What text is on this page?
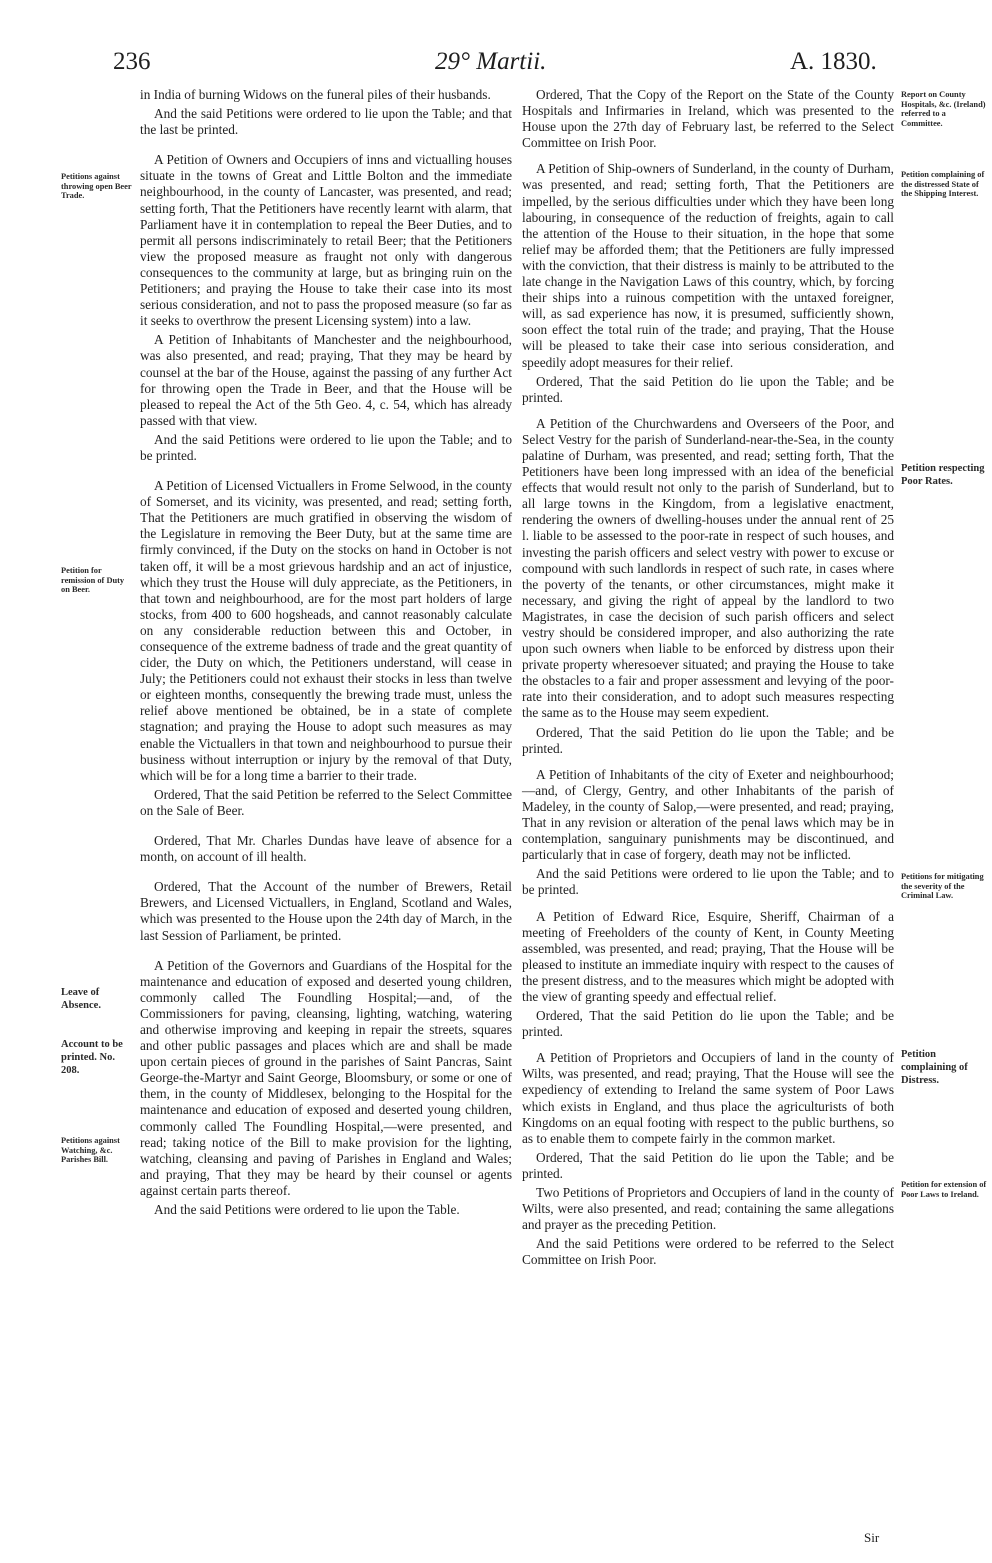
236	29° Martii.	A. 1830.

in India of burning Widows on the funeral piles of their husbands.

And the said Petitions were ordered to lie upon the Table; and that the last be printed.

A Petition of Owners and Occupiers of inns and victualling houses situate in the towns of Great and Little Bolton and the immediate neighbourhood, in the county of Lancaster, was presented, and read; setting forth, That the Petitioners have recently learnt with alarm, that Parliament have it in contemplation to repeal the Beer Duties, and to permit all persons indiscriminately to retail Beer; that the Petitioners view the proposed measure as fraught not only with dangerous consequences to the community at large, but as bringing ruin on the Petitioners; and praying the House to take their case into its most serious consideration, and not to pass the proposed measure (so far as it seeks to overthrow the present Licensing system) into a law.

A Petition of Inhabitants of Manchester and the neighbourhood, was also presented, and read; praying, That they may be heard by counsel at the bar of the House, against the passing of any further Act for throwing open the Trade in Beer, and that the House will be pleased to repeal the Act of the 5th Geo. 4, c. 54, which has already passed with that view.

And the said Petitions were ordered to lie upon the Table; and to be printed.

A Petition of Licensed Victuallers in Frome Selwood, in the county of Somerset, and its vicinity, was presented, and read; setting forth, That the Petitioners are much gratified in observing the wisdom of the Legislature in removing the Beer Duty, but at the same time are firmly convinced, if the Duty on the stocks on hand in October is not taken off, it will be a most grievous hardship and an act of injustice, which they trust the House will duly appreciate, as the Petitioners, in that town and neighbourhood, are for the most part holders of large stocks, from 400 to 600 hogsheads, and cannot reasonably calculate on any considerable reduction between this and October, in consequence of the extreme badness of trade and the great quantity of cider, the Duty on which, the Petitioners understand, will cease in July; the Petitioners could not exhaust their stocks in less than twelve or eighteen months, consequently the brewing trade must, unless the relief above mentioned be obtained, be in a state of complete stagnation; and praying the House to adopt such measures as may enable the Victuallers in that town and neighbourhood to pursue their business without interruption or injury by the removal of that Duty, which will be for a long time a barrier to their trade.

Ordered, That the said Petition be referred to the Select Committee on the Sale of Beer.

Ordered, That Mr. Charles Dundas have leave of absence for a month, on account of ill health.

Ordered, That the Account of the number of Brewers, Retail Brewers, and Licensed Victuallers, in England, Scotland and Wales, which was presented to the House upon the 24th day of March, in the last Session of Parliament, be printed.

A Petition of the Governors and Guardians of the Hospital for the maintenance and education of exposed and deserted young children, commonly called The Foundling Hospital;—and, of the Commissioners for paving, cleansing, lighting, watching, watering and otherwise improving and keeping in repair the streets, squares and other public passages and places which are and shall be made upon certain pieces of ground in the parishes of Saint Pancras, Saint George-the-Martyr and Saint George, Bloomsbury, or some or one of them, in the county of Middlesex, belonging to the Hospital for the maintenance and education of exposed and deserted young children, commonly called The Foundling Hospital,—were presented, and read; taking notice of the Bill to make provision for the lighting, watching, cleansing and paving of Parishes in England and Wales; and praying, That they may be heard by their counsel or agents against certain parts thereof.

And the said Petitions were ordered to lie upon the Table.

Ordered, That the Copy of the Report on the State of the County Hospitals and Infirmaries in Ireland, which was presented to the House upon the 27th day of February last, be referred to the Select Committee on Irish Poor.

A Petition of Ship-owners of Sunderland, in the county of Durham, was presented, and read; setting forth, That the Petitioners are impelled, by the serious difficulties under which they have been long labouring, in consequence of the reduction of freights, again to call the attention of the House to their situation, in the hope that some relief may be afforded them; that the Petitioners are fully impressed with the conviction, that their distress is mainly to be attributed to the late change in the Navigation Laws of this country, which, by forcing their ships into a ruinous competition with the untaxed foreigner, will, as sad experience has now, it is presumed, sufficiently shown, soon effect the total ruin of the trade; and praying, That the House will be pleased to take their case into serious consideration, and speedily adopt measures for their relief.

Ordered, That the said Petition do lie upon the Table; and be printed.

A Petition of the Churchwardens and Overseers of the Poor, and Select Vestry for the parish of Sunderland-near-the-Sea, in the county palatine of Durham, was presented, and read; setting forth, That the Petitioners have been long impressed with an idea of the beneficial effects that would result not only to the parish of Sunderland, but to all large towns in the Kingdom, from a legislative enactment, rendering the owners of dwelling-houses under the annual rent of 25 l. liable to be assessed to the poor-rate in respect of such houses, and investing the parish officers and select vestry with power to excuse or compound with such landlords in respect of such rate, in cases where the poverty of the tenants, or other circumstances, might make it necessary, and giving the right of appeal by the landlord to two Magistrates, in case the decision of such parish officers and select vestry should be considered improper, and also authorizing the rate upon such owners when liable to be enforced by distress upon their private property wheresoever situated; and praying the House to take the obstacles to a fair and proper assessment and levying of the poor-rate into their consideration, and to adopt such measures respecting the same as to the House may seem expedient.

Ordered, That the said Petition do lie upon the Table; and be printed.

A Petition of Inhabitants of the city of Exeter and neighbourhood;—and, of Clergy, Gentry, and other Inhabitants of the parish of Madeley, in the county of Salop,—were presented, and read; praying, That in any revision or alteration of the penal laws which may be in contemplation, sanguinary punishments may be discontinued, and particularly that in case of forgery, death may not be inflicted.

And the said Petitions were ordered to lie upon the Table; and to be printed.

A Petition of Edward Rice, Esquire, Sheriff, Chairman of a meeting of Freeholders of the county of Kent, in County Meeting assembled, was presented, and read; praying, That the House will be pleased to institute an immediate inquiry with respect to the causes of the present distress, and to the measures which might be adopted with the view of granting speedy and effectual relief.

Ordered, That the said Petition do lie upon the Table; and be printed.

A Petition of Proprietors and Occupiers of land in the county of Wilts, was presented, and read; praying, That the House will see the expediency of extending to Ireland the same system of Poor Laws which exists in England, and thus place the agriculturists of both Kingdoms on an equal footing with respect to the public burthens, so as to enable them to compete fairly in the common market.

Ordered, That the said Petition do lie upon the Table; and be printed.

Two Petitions of Proprietors and Occupiers of land in the county of Wilts, were also presented, and read; containing the same allegations and prayer as the preceding Petition.

And the said Petitions were ordered to be referred to the Select Committee on Irish Poor.

Petitions against throwing open Beer Trade.
Petition for remission of Duty on Beer.
Leave of Absence.
Account to be printed. No. 208.
Petitions against Watching, &c. Parishes Bill.
Report on County Hospitals, &c. (Ireland) referred to a Committee.
Petition complaining of the distressed State of the Shipping Interest.
Petition respecting Poor Rates.
Petitions for mitigating the severity of the Criminal Law.
Petition complaining of Distress.
Petition for extension of Poor Laws to Ireland.
Sir
